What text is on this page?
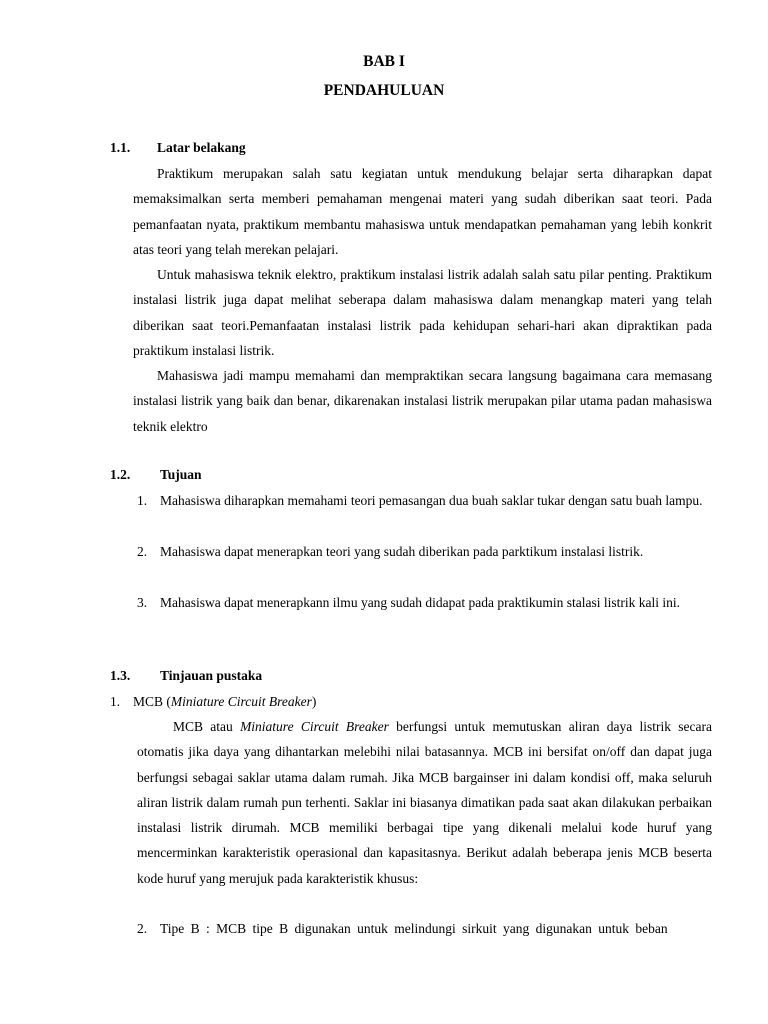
BAB I
PENDAHULUAN

1.1. Latar belakang

Praktikum merupakan salah satu kegiatan untuk mendukung belajar serta diharapkan dapat memaksimalkan serta memberi pemahaman mengenai materi yang sudah diberikan saat teori. Pada pemanfaatan nyata, praktikum membantu mahasiswa untuk mendapatkan pemahaman yang lebih konkrit atas teori yang telah merekan pelajari.

Untuk mahasiswa teknik elektro, praktikum instalasi listrik adalah salah satu pilar penting. Praktikum instalasi listrik juga dapat melihat seberapa dalam mahasiswa dalam menangkap materi yang telah diberikan saat teori.Pemanfaatan instalasi listrik pada kehidupan sehari-hari akan dipraktikan pada praktikum instalasi listrik.

Mahasiswa jadi mampu memahami dan mempraktikan secara langsung bagaimana cara memasang instalasi listrik yang baik dan benar, dikarenakan instalasi listrik merupakan pilar utama padan mahasiswa teknik elektro

1.2. Tujuan

1. Mahasiswa diharapkan memahami teori pemasangan dua buah saklar tukar dengan satu buah lampu.

2. Mahasiswa dapat menerapkan teori yang sudah diberikan pada parktikum instalasi listrik.

3. Mahasiswa dapat menerapkann ilmu yang sudah didapat pada praktikumin stalasi listrik kali ini.

1.3. Tinjauan pustaka

1. MCB (Miniature Circuit Breaker)

MCB atau Miniature Circuit Breaker berfungsi untuk memutuskan aliran daya listrik secara otomatis jika daya yang dihantarkan melebihi nilai batasannya. MCB ini bersifat on/off dan dapat juga berfungsi sebagai saklar utama dalam rumah. Jika MCB bargainser ini dalam kondisi off, maka seluruh aliran listrik dalam rumah pun terhenti. Saklar ini biasanya dimatikan pada saat akan dilakukan perbaikan instalasi listrik dirumah. MCB memiliki berbagai tipe yang dikenali melalui kode huruf yang mencerminkan karakteristik operasional dan kapasitasnya. Berikut adalah beberapa jenis MCB beserta kode huruf yang merujuk pada karakteristik khusus:

2. Tipe B : MCB tipe B digunakan untuk melindungi sirkuit yang digunakan untuk beban
